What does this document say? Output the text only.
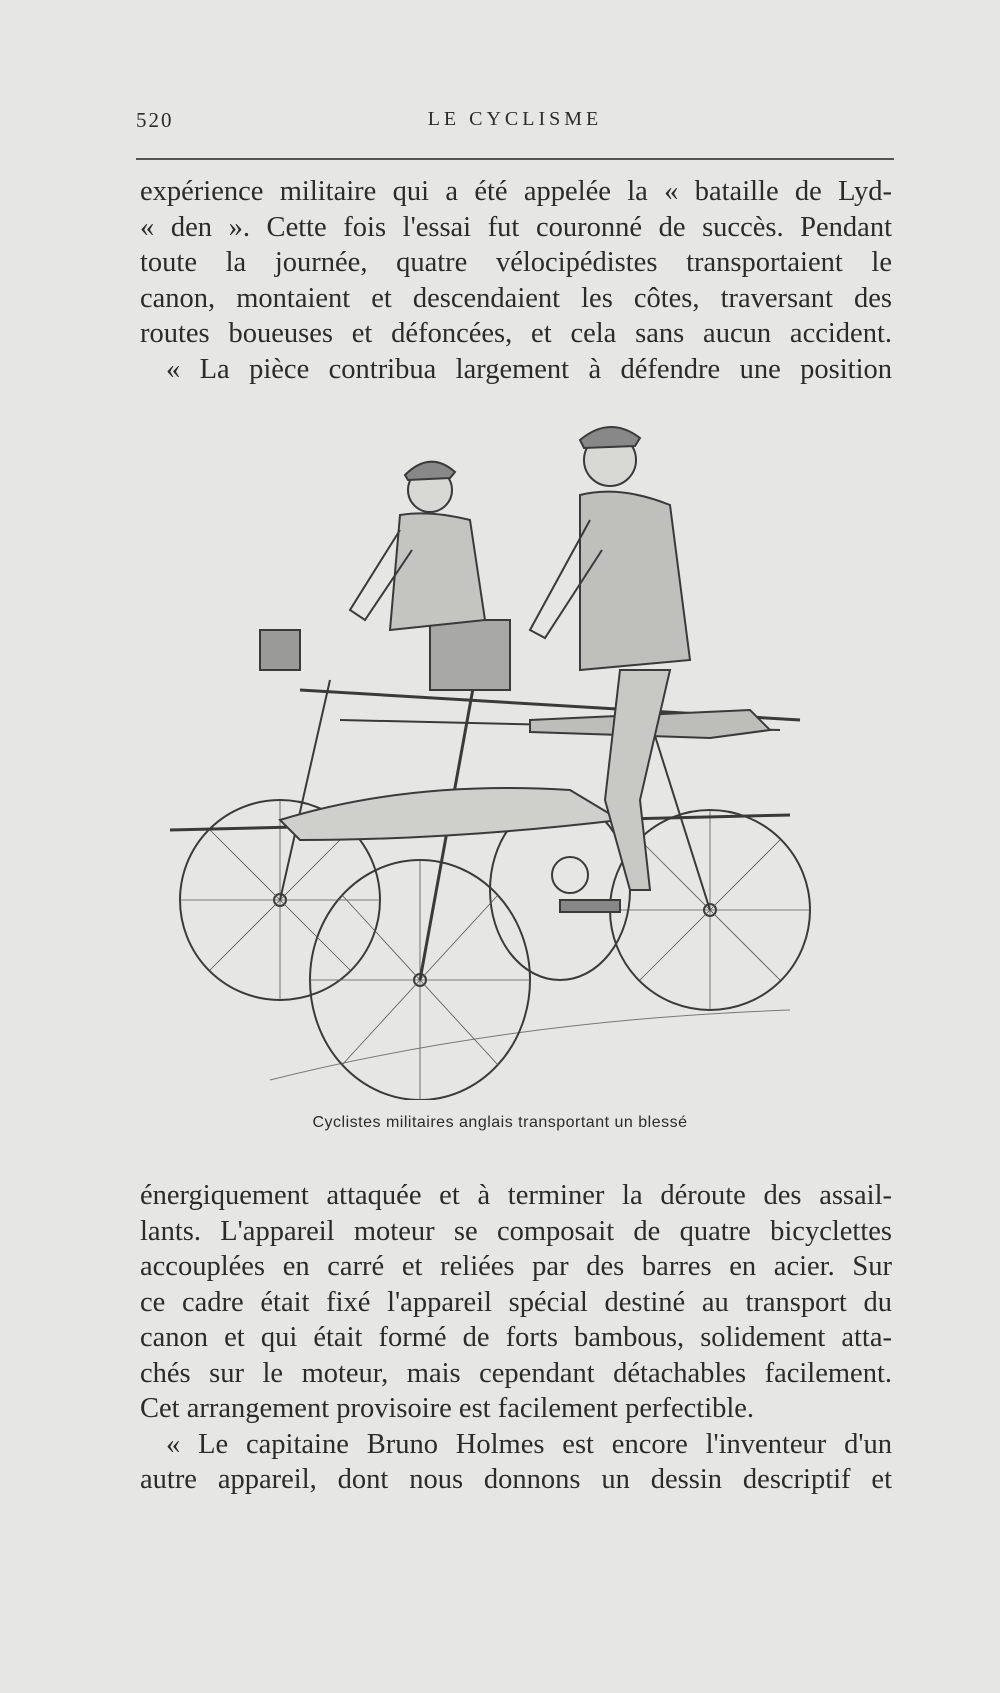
520	LE CYCLISME
expérience militaire qui a été appelée la « bataille de Lyd-
« den ». Cette fois l'essai fut couronné de succès. Pendant
toute la journée, quatre vélocipédistes transportaient le
canon, montaient et descendaient les côtes, traversant des
routes boueuses et défoncées, et cela sans aucun accident.
« La pièce contribua largement à défendre une position
Cyclistes militaires anglais transportant un blessé
énergiquement attaquée et à terminer la déroute des assail-
lants. L'appareil moteur se composait de quatre bicyclettes
accouplées en carré et reliées par des barres en acier. Sur
ce cadre était fixé l'appareil spécial destiné au transport du
canon et qui était formé de forts bambous, solidement atta-
chés sur le moteur, mais cependant détachables facilement.
Cet arrangement provisoire est facilement perfectible.
« Le capitaine Bruno Holmes est encore l'inventeur d'un
autre appareil, dont nous donnons un dessin descriptif et
